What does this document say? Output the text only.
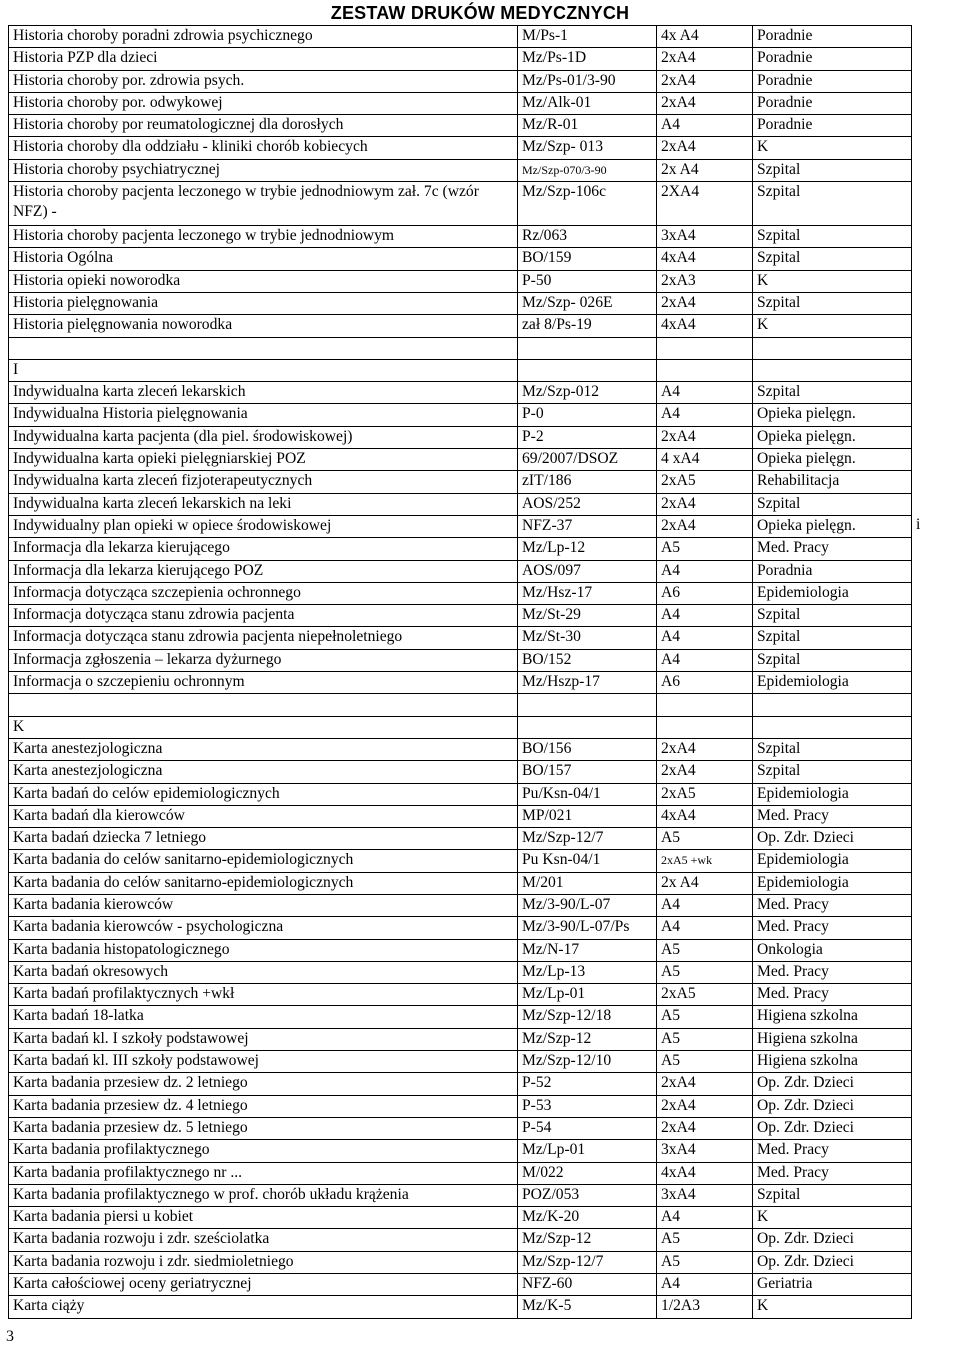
ZESTAW DRUKÓW MEDYCZNYCH
Historia choroby poradni zdrowia psychicznego	M/Ps-1	4x A4	Poradnie	
Historia PZP dla dzieci	Mz/Ps-1D	2xA4	Poradnie	
Historia choroby por. zdrowia psych.	Mz/Ps-01/3-90	2xA4	Poradnie	
Historia choroby por. odwykowej	Mz/Alk-01	2xA4	Poradnie	
Historia choroby por reumatologicznej dla dorosłych	Mz/R-01	A4	Poradnie	
Historia choroby dla oddziału - kliniki chorób kobiecych	Mz/Szp- 013	2xA4	K	
Historia choroby psychiatrycznej	Mz/Szp-070/3-90	2x A4	Szpital	
Historia choroby pacjenta leczonego w trybie jednodniowym zał. 7c (wzór NFZ) -	Mz/Szp-106c	2XA4	Szpital	
Historia choroby pacjenta leczonego w trybie jednodniowym	Rz/063	3xA4	Szpital	
Historia Ogólna	BO/159	4xA4	Szpital	
Historia opieki noworodka	P-50	2xA3	K	
Historia pielęgnowania	Mz/Szp- 026E	2xA4	Szpital	
Historia pielęgnowania noworodka	zał 8/Ps-19	4xA4	K	

I				
Indywidualna karta zleceń lekarskich	Mz/Szp-012	A4	Szpital	
Indywidualna Historia pielęgnowania	P-0	A4	Opieka pielęgn.	
Indywidualna karta pacjenta (dla piel. środowiskowej)	P-2	2xA4	Opieka pielęgn.	
Indywidualna karta opieki pielęgniarskiej POZ	69/2007/DSOZ	4 xA4	Opieka pielęgn.	
Indywidualna karta zleceń fizjoterapeutycznych	zIT/186	2xA5	Rehabilitacja	
Indywidualna karta zleceń lekarskich na leki	AOS/252	2xA4	Szpital	
Indywidualny plan opieki w opiece środowiskowej	NFZ-37	2xA4	Opieka pielęgn.	i
Informacja dla lekarza kierującego	Mz/Lp-12	A5	Med. Pracy	
Informacja dla lekarza kierującego POZ	AOS/097	A4	Poradnia	
Informacja dotycząca szczepienia ochronnego	Mz/Hsz-17	A6	Epidemiologia	
Informacja dotycząca stanu zdrowia pacjenta	Mz/St-29	A4	Szpital	
Informacja dotycząca stanu zdrowia pacjenta niepełnoletniego	Mz/St-30	A4	Szpital	
Informacja zgłoszenia – lekarza dyżurnego	BO/152	A4	Szpital	
Informacja o szczepieniu ochronnym	Mz/Hszp-17	A6	Epidemiologia	

K				
Karta anestezjologiczna	BO/156	2xA4	Szpital	
Karta anestezjologiczna	BO/157	2xA4	Szpital	
Karta badań do celów epidemiologicznych	Pu/Ksn-04/1	2xA5	Epidemiologia	
Karta badań dla kierowców	MP/021	4xA4	Med. Pracy	
Karta badań dziecka 7 letniego	Mz/Szp-12/7	A5	Op. Zdr. Dzieci	
Karta badania do celów sanitarno-epidemiologicznych	Pu Ksn-04/1	2xA5 +wk	Epidemiologia	
Karta badania do celów sanitarno-epidemiologicznych	M/201	2x A4	Epidemiologia	
Karta badania kierowców	Mz/3-90/L-07	A4	Med. Pracy	
Karta badania kierowców - psychologiczna	Mz/3-90/L-07/Ps	A4	Med. Pracy	
Karta badania histopatologicznego	Mz/N-17	A5	Onkologia	
Karta badań okresowych	Mz/Lp-13	A5	Med. Pracy	
Karta badań profilaktycznych +wkł	Mz/Lp-01	2xA5	Med. Pracy	
Karta badań 18-latka	Mz/Szp-12/18	A5	Higiena szkolna	
Karta badań kl. I szkoły podstawowej	Mz/Szp-12	A5	Higiena szkolna	
Karta badań kl. III szkoły podstawowej	Mz/Szp-12/10	A5	Higiena szkolna	
Karta badania przesiew dz. 2 letniego	P-52	2xA4	Op. Zdr. Dzieci	
Karta badania przesiew dz. 4 letniego	P-53	2xA4	Op. Zdr. Dzieci	
Karta badania przesiew dz. 5 letniego	P-54	2xA4	Op. Zdr. Dzieci	
Karta badania profilaktycznego	Mz/Lp-01	3xA4	Med. Pracy	
Karta badania profilaktycznego nr ...	M/022	4xA4	Med. Pracy	
Karta badania profilaktycznego w prof. chorób układu krążenia	POZ/053	3xA4	Szpital	
Karta badania piersi u kobiet	Mz/K-20	A4	K	
Karta badania rozwoju i zdr. sześciolatka	Mz/Szp-12	A5	Op. Zdr. Dzieci	
Karta badania rozwoju i zdr. siedmioletniego	Mz/Szp-12/7	A5	Op. Zdr. Dzieci	
Karta całościowej oceny geriatrycznej	NFZ-60	A4	Geriatria	
Karta ciąży	Mz/K-5	1/2A3	K	
3
